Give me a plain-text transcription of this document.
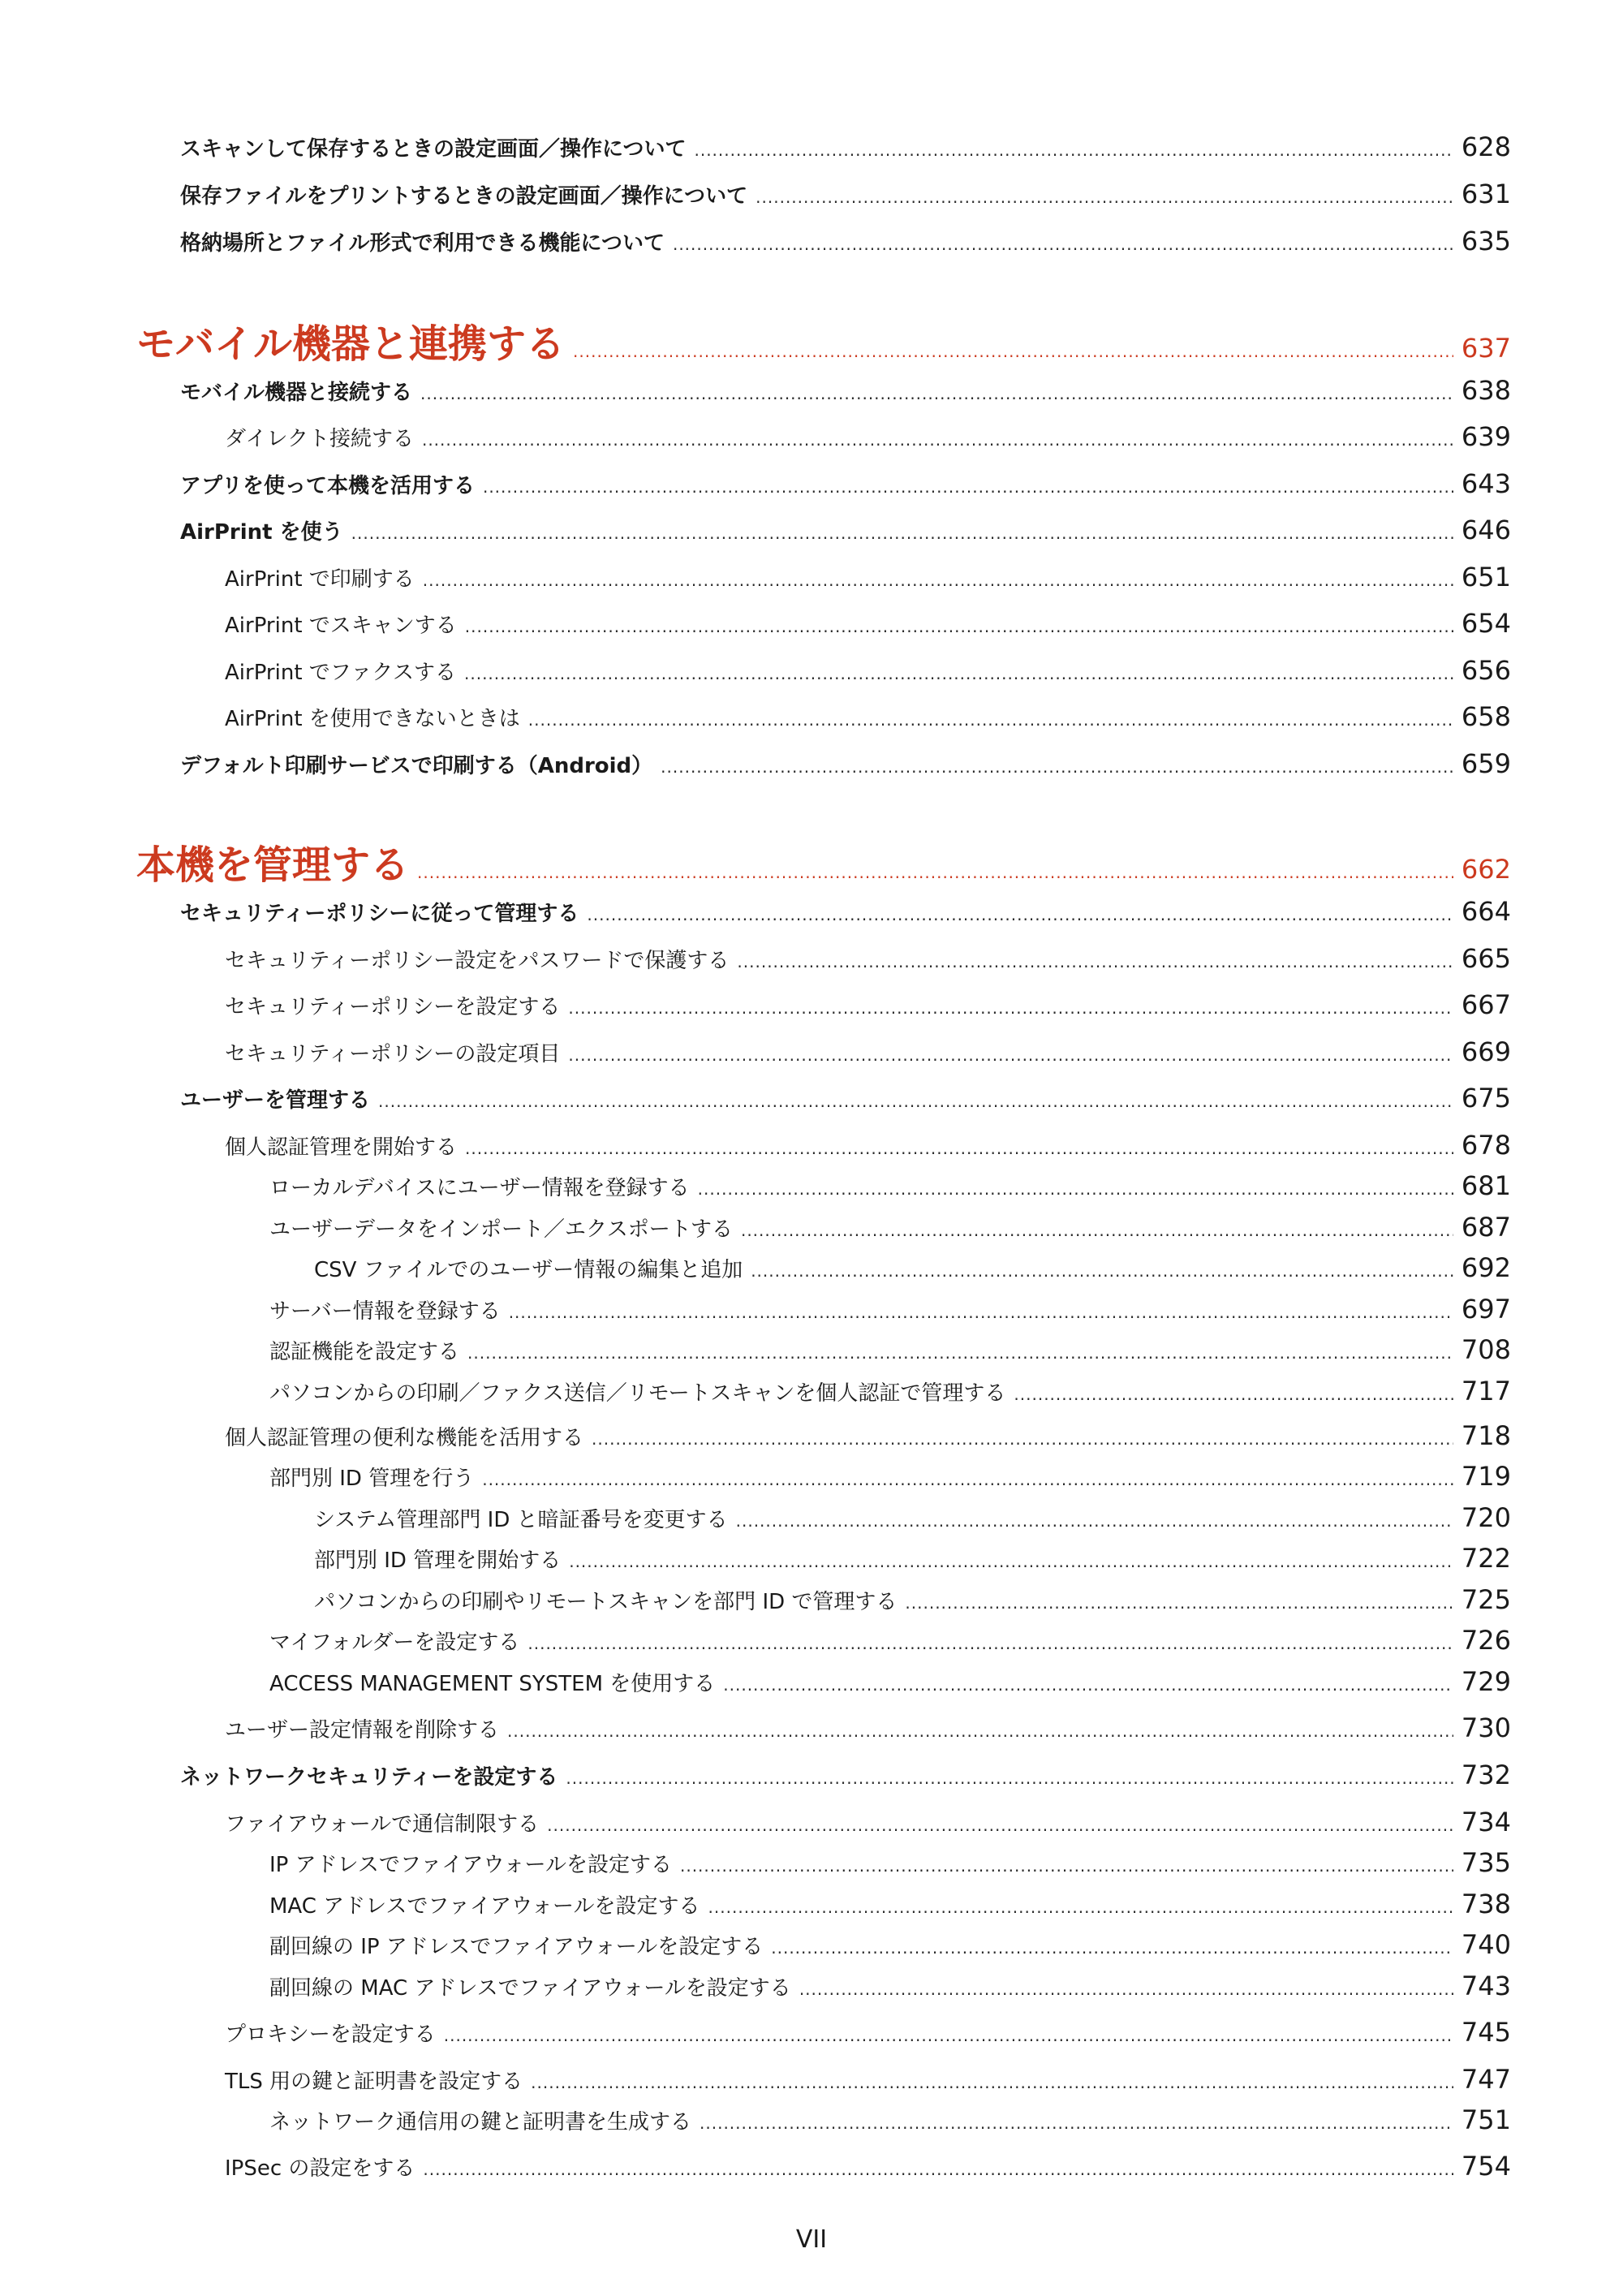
スキャンして保存するときの設定画面／操作について .....	628
保存ファイルをプリントするときの設定画面／操作について .....	631
格納場所とファイル形式で利用できる機能について .....	635
モバイル機器と連携する .....	637
モバイル機器と接続する .....	638
ダイレクト接続する .....	639
アプリを使って本機を活用する .....	643
AirPrint を使う .....	646
AirPrint で印刷する .....	651
AirPrint でスキャンする .....	654
AirPrint でファクスする .....	656
AirPrint を使用できないときは .....	658
デフォルト印刷サービスで印刷する（Android） .....	659
本機を管理する .....	662
セキュリティーポリシーに従って管理する .....	664
セキュリティーポリシー設定をパスワードで保護する .....	665
セキュリティーポリシーを設定する .....	667
セキュリティーポリシーの設定項目 .....	669
ユーザーを管理する .....	675
個人認証管理を開始する .....	678
ローカルデバイスにユーザー情報を登録する .....	681
ユーザーデータをインポート／エクスポートする .....	687
CSV ファイルでのユーザー情報の編集と追加 .....	692
サーバー情報を登録する .....	697
認証機能を設定する .....	708
パソコンからの印刷／ファクス送信／リモートスキャンを個人認証で管理する .....	717
個人認証管理の便利な機能を活用する .....	718
部門別 ID 管理を行う .....	719
システム管理部門 ID と暗証番号を変更する .....	720
部門別 ID 管理を開始する .....	722
パソコンからの印刷やリモートスキャンを部門 ID で管理する .....	725
マイフォルダーを設定する .....	726
ACCESS MANAGEMENT SYSTEM を使用する .....	729
ユーザー設定情報を削除する .....	730
ネットワークセキュリティーを設定する .....	732
ファイアウォールで通信制限する .....	734
IP アドレスでファイアウォールを設定する .....	735
MAC アドレスでファイアウォールを設定する .....	738
副回線の IP アドレスでファイアウォールを設定する .....	740
副回線の MAC アドレスでファイアウォールを設定する .....	743
プロキシーを設定する .....	745
TLS 用の鍵と証明書を設定する .....	747
ネットワーク通信用の鍵と証明書を生成する .....	751
IPSec の設定をする .....	754
VII
